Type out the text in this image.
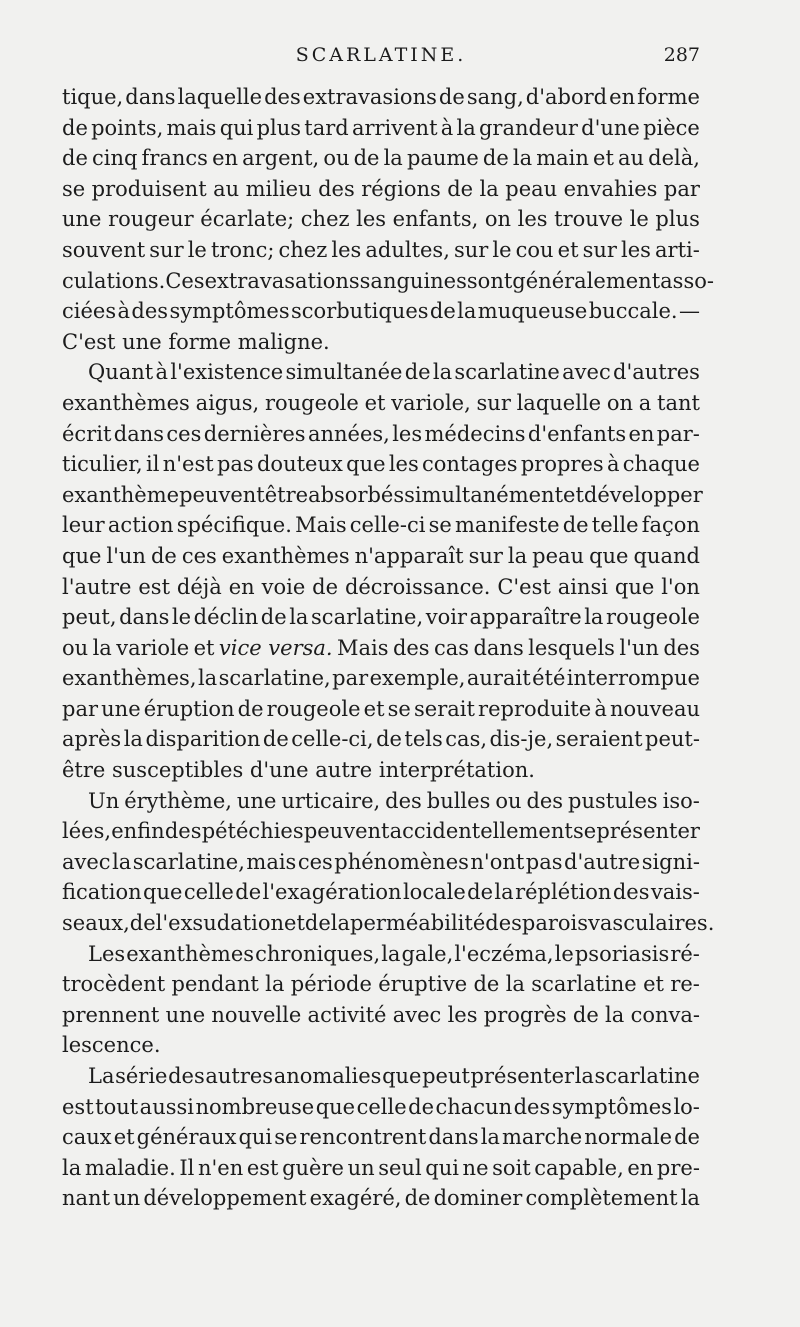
SCARLATINE.	287
tique, dans laquelle des extravasions de sang, d'abord en forme
de points, mais qui plus tard arrivent à la grandeur d'une pièce
de cinq francs en argent, ou de la paume de la main et au delà,
se produisent au milieu des régions de la peau envahies par
une rougeur écarlate; chez les enfants, on les trouve le plus
souvent sur le tronc; chez les adultes, sur le cou et sur les arti-
culations. Ces extravasations sanguines sont généralement asso-
ciées à des symptômes scorbutiques de la muqueuse buccale. —
C'est une forme maligne.
Quant à l'existence simultanée de la scarlatine avec d'autres
exanthèmes aigus, rougeole et variole, sur laquelle on a tant
écrit dans ces dernières années, les médecins d'enfants en par-
ticulier, il n'est pas douteux que les contages propres à chaque
exanthème peuvent être absorbés simultanément et développer
leur action spécifique. Mais celle-ci se manifeste de telle façon
que l'un de ces exanthèmes n'apparaît sur la peau que quand
l'autre est déjà en voie de décroissance. C'est ainsi que l'on
peut, dans le déclin de la scarlatine, voir apparaître la rougeole
ou la variole et vice versa. Mais des cas dans lesquels l'un des
exanthèmes, la scarlatine, par exemple, aurait été interrompue
par une éruption de rougeole et se serait reproduite à nouveau
après la disparition de celle-ci, de tels cas, dis-je, seraient peut-
être susceptibles d'une autre interprétation.
Un érythème, une urticaire, des bulles ou des pustules iso-
lées, enfin des pétéchies peuvent accidentellement se présenter
avec la scarlatine, mais ces phénomènes n'ont pas d'autre signi-
fication que celle de l'exagération locale de la réplétion des vais-
seaux, de l'exsudation et de la perméabilité des parois vasculaires.
Les exanthèmes chroniques, la gale, l'eczéma, le psoriasis ré-
trocèdent pendant la période éruptive de la scarlatine et re-
prennent une nouvelle activité avec les progrès de la conva-
lescence.
La série des autres anomalies que peut présenter la scarlatine
est tout aussi nombreuse que celle de chacun des symptômes lo-
caux et généraux qui se rencontrent dans la marche normale de
la maladie. Il n'en est guère un seul qui ne soit capable, en pre-
nant un développement exagéré, de dominer complètement la
